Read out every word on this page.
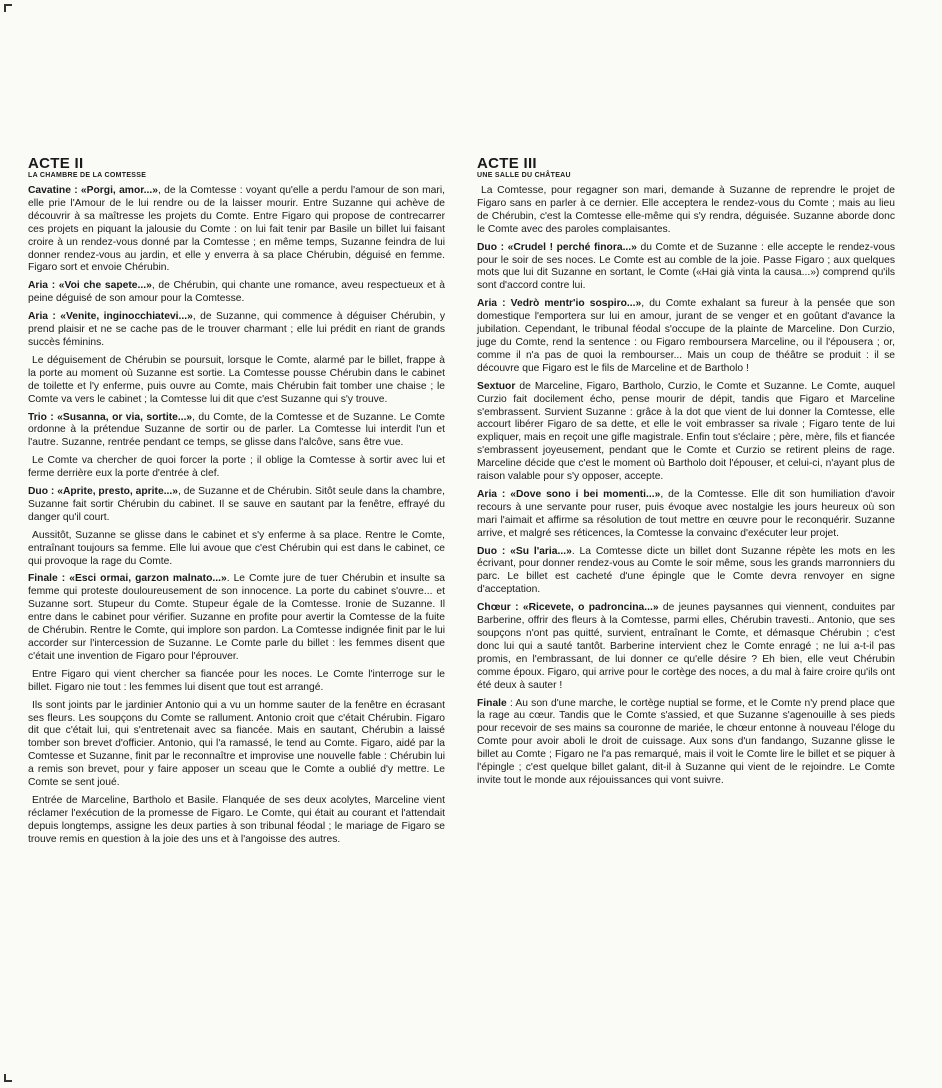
ACTE II
LA CHAMBRE DE LA COMTESSE

Cavatine : «Porgi, amor...», de la Comtesse : voyant qu'elle a perdu l'amour de son mari, elle prie l'Amour de le lui rendre ou de la laisser mourir. Entre Suzanne qui achève de découvrir à sa maîtresse les projets du Comte. Entre Figaro qui propose de contrecarrer ces projets en piquant la jalousie du Comte : on lui fait tenir par Basile un billet lui faisant croire à un rendez-vous donné par la Comtesse ; en même temps, Suzanne feindra de lui donner rendez-vous au jardin, et elle y enverra à sa place Chérubin, déguisé en femme. Figaro sort et envoie Chérubin.

Aria : «Voi che sapete...», de Chérubin, qui chante une romance, aveu respectueux et à peine déguisé de son amour pour la Comtesse.

Aria : «Venite, inginocchiatevi...», de Suzanne, qui commence à déguiser Chérubin, y prend plaisir et ne se cache pas de le trouver charmant ; elle lui prédit en riant de grands succès féminins.

Le déguisement de Chérubin se poursuit, lorsque le Comte, alarmé par le billet, frappe à la porte au moment où Suzanne est sortie. La Comtesse pousse Chérubin dans le cabinet de toilette et l'y enferme, puis ouvre au Comte, mais Chérubin fait tomber une chaise ; le Comte va vers le cabinet ; la Comtesse lui dit que c'est Suzanne qui s'y trouve.

Trio : «Susanna, or via, sortite...», du Comte, de la Comtesse et de Suzanne. Le Comte ordonne à la prétendue Suzanne de sortir ou de parler. La Comtesse lui interdit l'un et l'autre. Suzanne, rentrée pendant ce temps, se glisse dans l'alcôve, sans être vue.

Le Comte va chercher de quoi forcer la porte ; il oblige la Comtesse à sortir avec lui et ferme derrière eux la porte d'entrée à clef.

Duo : «Aprite, presto, aprite...», de Suzanne et de Chérubin. Sitôt seule dans la chambre, Suzanne fait sortir Chérubin du cabinet. Il se sauve en sautant par la fenêtre, effrayé du danger qu'il court.

Aussitôt, Suzanne se glisse dans le cabinet et s'y enferme à sa place. Rentre le Comte, entraînant toujours sa femme. Elle lui avoue que c'est Chérubin qui est dans le cabinet, ce qui provoque la rage du Comte.

Finale : «Esci ormai, garzon malnato...». Le Comte jure de tuer Chérubin et insulte sa femme qui proteste douloureusement de son innocence. La porte du cabinet s'ouvre... et Suzanne sort. Stupeur du Comte. Stupeur égale de la Comtesse. Ironie de Suzanne. Il entre dans le cabinet pour vérifier. Suzanne en profite pour avertir la Comtesse de la fuite de Chérubin. Rentre le Comte, qui implore son pardon. La Comtesse indignée finit par le lui accorder sur l'intercession de Suzanne. Le Comte parle du billet : les femmes disent que c'était une invention de Figaro pour l'éprouver.

Entre Figaro qui vient chercher sa fiancée pour les noces. Le Comte l'interroge sur le billet. Figaro nie tout : les femmes lui disent que tout est arrangé.

Ils sont joints par le jardinier Antonio qui a vu un homme sauter de la fenêtre en écrasant ses fleurs. Les soupçons du Comte se rallument. Antonio croit que c'était Chérubin. Figaro dit que c'était lui, qui s'entretenait avec sa fiancée. Mais en sautant, Chérubin a laissé tomber son brevet d'officier. Antonio, qui l'a ramassé, le tend au Comte. Figaro, aidé par la Comtesse et Suzanne, finit par le reconnaître et improvise une nouvelle fable : Chérubin lui a remis son brevet, pour y faire apposer un sceau que le Comte a oublié d'y mettre. Le Comte se sent joué.

Entrée de Marceline, Bartholo et Basile. Flanquée de ses deux acolytes, Marceline vient réclamer l'exécution de la promesse de Figaro. Le Comte, qui était au courant et l'attendait depuis longtemps, assigne les deux parties à son tribunal féodal ; le mariage de Figaro se trouve remis en question à la joie des uns et à l'angoisse des autres.

ACTE III
UNE SALLE DU CHÂTEAU

La Comtesse, pour regagner son mari, demande à Suzanne de reprendre le projet de Figaro sans en parler à ce dernier. Elle acceptera le rendez-vous du Comte ; mais au lieu de Chérubin, c'est la Comtesse elle-même qui s'y rendra, déguisée. Suzanne aborde donc le Comte avec des paroles complaisantes.

Duo : «Crudel ! perché finora...» du Comte et de Suzanne : elle accepte le rendez-vous pour le soir de ses noces. Le Comte est au comble de la joie. Passe Figaro ; aux quelques mots que lui dit Suzanne en sortant, le Comte («Hai già vinta la causa...») comprend qu'ils sont d'accord contre lui.

Aria : Vedrò mentr'io sospiro...», du Comte exhalant sa fureur à la pensée que son domestique l'emportera sur lui en amour, jurant de se venger et en goûtant d'avance la jubilation. Cependant, le tribunal féodal s'occupe de la plainte de Marceline. Don Curzio, juge du Comte, rend la sentence : ou Figaro remboursera Marceline, ou il l'épousera ; or, comme il n'a pas de quoi la rembourser... Mais un coup de théâtre se produit : il se découvre que Figaro est le fils de Marceline et de Bartholo !

Sextuor de Marceline, Figaro, Bartholo, Curzio, le Comte et Suzanne. Le Comte, auquel Curzio fait docilement écho, pense mourir de dépit, tandis que Figaro et Marceline s'embrassent. Survient Suzanne : grâce à la dot que vient de lui donner la Comtesse, elle accourt libérer Figaro de sa dette, et elle le voit embrasser sa rivale ; Figaro tente de lui expliquer, mais en reçoit une gifle magistrale. Enfin tout s'éclaire ; père, mère, fils et fiancée s'embrassent joyeusement, pendant que le Comte et Curzio se retirent pleins de rage. Marceline décide que c'est le moment où Bartholo doit l'épouser, et celui-ci, n'ayant plus de raison valable pour s'y opposer, accepte.

Aria : «Dove sono i bei momenti...», de la Comtesse. Elle dit son humiliation d'avoir recours à une servante pour ruser, puis évoque avec nostalgie les jours heureux où son mari l'aimait et affirme sa résolution de tout mettre en œuvre pour le reconquérir. Suzanne arrive, et malgré ses réticences, la Comtesse la convainc d'exécuter leur projet.

Duo : «Su l'aria...». La Comtesse dicte un billet dont Suzanne répète les mots en les écrivant, pour donner rendez-vous au Comte le soir même, sous les grands marronniers du parc. Le billet est cacheté d'une épingle que le Comte devra renvoyer en signe d'acceptation.

Chœur : «Ricevete, o padroncina...» de jeunes paysannes qui viennent, conduites par Barberine, offrir des fleurs à la Comtesse, parmi elles, Chérubin travesti.. Antonio, que ses soupçons n'ont pas quitté, survient, entraînant le Comte, et démasque Chérubin ; c'est donc lui qui a sauté tantôt. Barberine intervient chez le Comte enragé ; ne lui a-t-il pas promis, en l'embrassant, de lui donner ce qu'elle désire ? Eh bien, elle veut Chérubin comme époux. Figaro, qui arrive pour le cortège des noces, a du mal à faire croire qu'ils ont été deux à sauter !

Finale : Au son d'une marche, le cortège nuptial se forme, et le Comte n'y prend place que la rage au cœur. Tandis que le Comte s'assied, et que Suzanne s'agenouille à ses pieds pour recevoir de ses mains sa couronne de mariée, le chœur entonne à nouveau l'éloge du Comte pour avoir aboli le droit de cuissage. Aux sons d'un fandango, Suzanne glisse le billet au Comte ; Figaro ne l'a pas remarqué, mais il voit le Comte lire le billet et se piquer à l'épingle ; c'est quelque billet galant, dit-il à Suzanne qui vient de le rejoindre. Le Comte invite tout le monde aux réjouissances qui vont suivre.
